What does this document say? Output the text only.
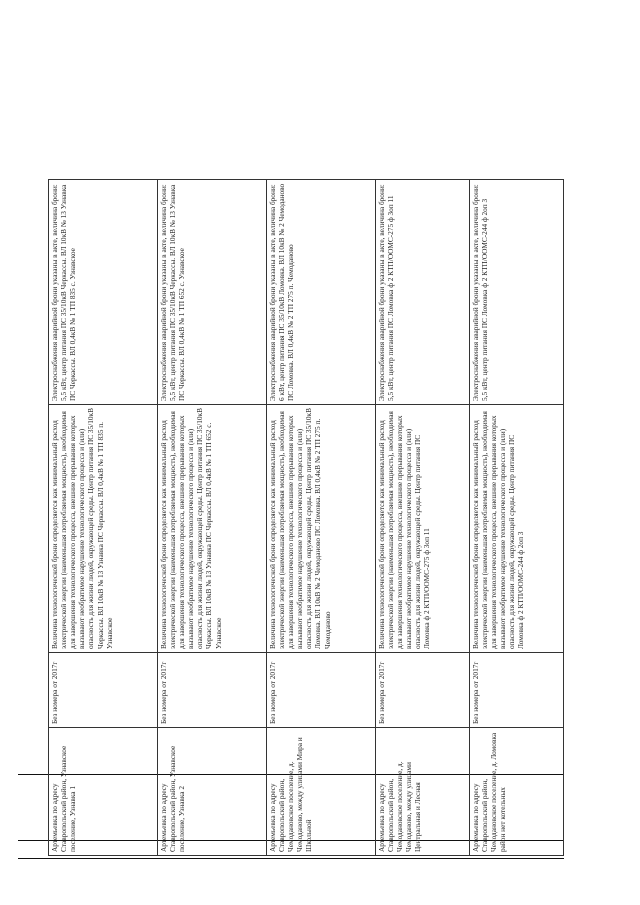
Артемьевка по адресу Ставропольский район, Узнавское поселение, Узнавка 1	Без номера от 2017г	Величина технологической брони определяется как минимальный расход электрической энергии (наименьшая потребляемая мощность), необходимая для завершения технологического процесса, внешние прерывания которых вызывают необратимое нарушение технологического процесса и (или) опасность для жизни людей, окружающей среды. Центр питания ПС 35/10кВ Черкассы. ВЛ 10кВ № 13 Узнавка ПС Черкассы. ВЛ 0,4кВ № 1 ТП 835 п. Узнавское	Электроснабжения аварийной брони указаны в акте, величина брони: 5,5 кВт, центр питания ПС 35/10кВ Черкассы. ВЛ 10кВ № 13 Узнавка ПС Черкассы. ВЛ 0,4кВ № 1 ТП 835 с. Узнавское
Артемьевка по адресу Ставропольский район, Узнавское поселение, Узнавка 2	Без номера от 2017г	Величина технологической брони определяется как минимальный расход электрической энергии (наименьшая потребляемая мощность), необходимая для завершения технологического процесса, внешние прерывания которых вызывают необратимое нарушение технологического процесса и (или) опасность для жизни людей, окружающей среды. Центр питания ПС 35/10кВ Черкассы. ВЛ 10кВ № 13 Узнавка ПС Черкассы. ВЛ 0,4кВ № 1 ТП 652 с. Узнавское	Электроснабжения аварийной брони указаны в акте, величина брони: 5,5 кВт, центр питания ПС 35/10кВ Черкассы. ВЛ 10кВ № 13 Узнавка ПС Черкассы. ВЛ 0,4кВ № 1 ТП 652 с. Узнавское
Артемьевка по адресу Ставропольский район, Чемодановское поселение, д. Чемоданово, между улицами Мира и Школьной	Без номера от 2017г	Величина технологической брони определяется как минимальный расход электрической энергии (наименьшая потребляемая мощность), необходимая для завершения технологического процесса, внешние прерывания которых вызывают необратимое нарушение технологического процесса и (или) опасность для жизни людей, окружающей среды. Центр питания ПС 35/10кВ Ломовка. ВЛ 10кВ № 2 Чемоданово ПС Ломовка. ВЛ 0,4кВ № 2 ТП 275 п. Чемоданово	Электроснабжения аварийной брони указаны в акте, величина брони: 6 кВт, центр питания ПС 35/10кВ Ломовка. ВЛ 10кВ № 2 Чемоданово ПС Ломовка. ВЛ 0,4кВ № 2 ТП 275 п. Чемоданово
Артемьевка по адресу Ставропольский район, Чемодановское поселение, д. Чемоданово, между улицами Центральная и Лесная	Без номера от 2017г	Величина технологической брони определяется как минимальный расход электрической энергии (наименьшая потребляемая мощность), необходимая для завершения технологического процесса, внешние прерывания которых вызывают необратимое нарушение технологического процесса и (или) опасность для жизни людей, окружающей среды. Центр питания ПС Ломовка ф 2 КТП/ООМС-275 ф 3оп 11	Электроснабжения аварийной брони указаны в акте, величина брони: 5,5 кВт, центр питания ПС Ломовка ф 2 КТП/ООМС-275 ф 3оп 11
Артемьевка по адресу Ставропольский район, Чемодановское поселение, д. Ломовка район нет котельных	Без номера от 2017г	Величина технологической брони определяется как минимальный расход электрической энергии (наименьшая потребляемая мощность), необходимая для завершения технологического процесса, внешние прерывания которых вызывают необратимое нарушение технологического процесса и (или) опасность для жизни людей, окружающей среды. Центр питания ПС Ломовка ф 2 КТП/ООМС-244 ф 2оп 3	Электроснабжения аварийной брони указаны в акте, величина брони: 5,5 кВт, центр питания ПС Ломовка ф 2 КТП/ООМС-244 ф 2оп 3
